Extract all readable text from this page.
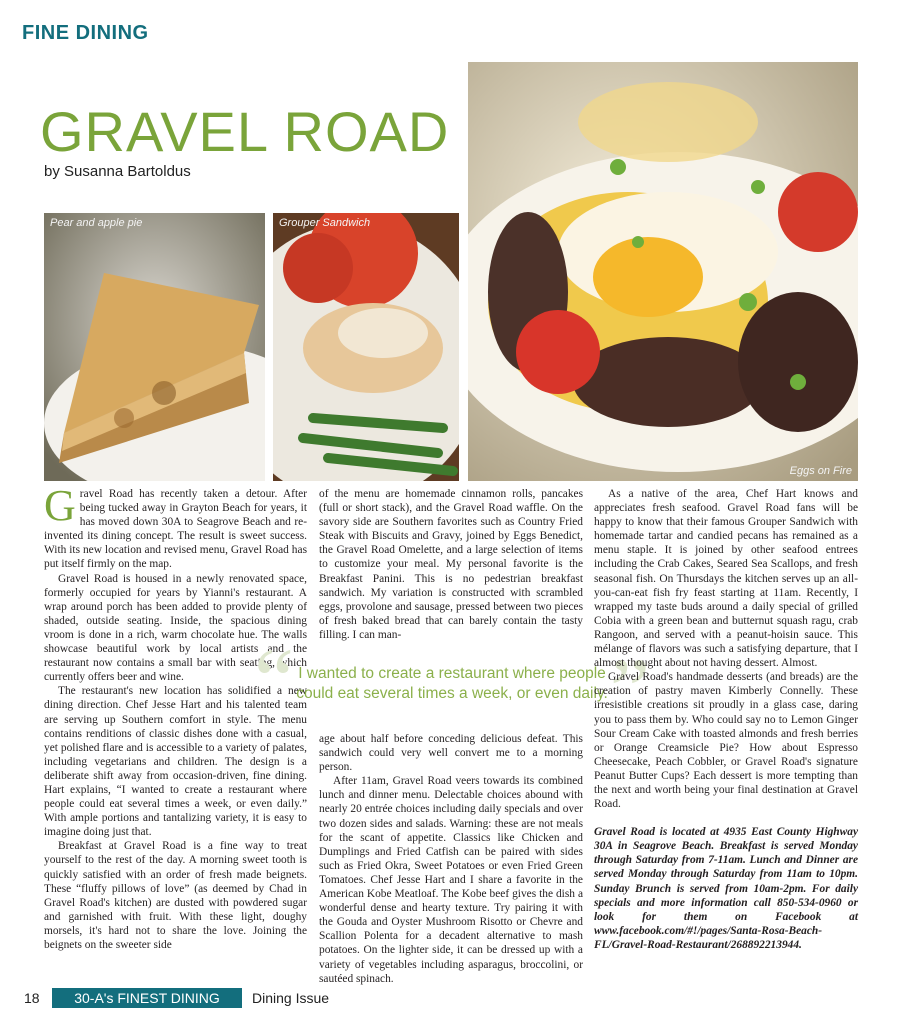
FINE DINING
GRAVEL ROAD
by Susanna Bartoldus
Pear and apple pie	Grouper Sandwich
Eggs on Fire

Gravel Road has recently taken a detour. After being tucked away in Grayton Beach for years, it has moved down 30A to Seagrove Beach and re-invented its dining concept. The result is sweet success. With its new location and revised menu, Gravel Road has put itself firmly on the map.

Gravel Road is housed in a newly renovated space, formerly occupied for years by Yianni's restaurant. A wrap around porch has been added to provide plenty of shaded, outside seating. Inside, the spacious dining vroom is done in a rich, warm chocolate hue. The walls showcase beautiful work by local artists and the restaurant now contains a small bar with seating, which currently offers beer and wine.

The restaurant's new location has solidified a new dining direction. Chef Jesse Hart and his talented team are serving up Southern comfort in style. The menu contains renditions of classic dishes done with a casual, yet polished flare and is accessible to a variety of palates, including vegetarians and children. The design is a deliberate shift away from occasion-driven, fine dining. Hart explains, “I wanted to create a restaurant where people could eat several times a week, or even daily.” With ample portions and tantalizing variety, it is easy to imagine doing just that.

Breakfast at Gravel Road is a fine way to treat yourself to the rest of the day. A morning sweet tooth is quickly satisfied with an order of fresh made beignets. These “fluffy pillows of love” (as deemed by Chad in Gravel Road's kitchen) are dusted with powdered sugar and garnished with fruit. With these light, doughy morsels, it's hard not to share the love. Joining the beignets on the sweeter side

of the menu are homemade cinnamon rolls, pancakes (full or short stack), and the Gravel Road waffle. On the savory side are Southern favorites such as Country Fried Steak with Biscuits and Gravy, joined by Eggs Benedict, the Gravel Road Omelette, and a large selection of items to customize your meal. My personal favorite is the Breakfast Panini. This is no pedestrian breakfast sandwich. My variation is constructed with scrambled eggs, provolone and sausage, pressed between two pieces of fresh baked bread that can barely contain the tasty filling. I can man-

“	”
I wanted to create a restaurant where people could eat several times a week, or even daily.

age about half before conceding delicious defeat. This sandwich could very well convert me to a morning person.

After 11am, Gravel Road veers towards its combined lunch and dinner menu. Delectable choices abound with nearly 20 entrée choices including daily specials and over two dozen sides and salads. Warning: these are not meals for the scant of appetite. Classics like Chicken and Dumplings and Fried Catfish can be paired with sides such as Fried Okra, Sweet Potatoes or even Fried Green Tomatoes. Chef Jesse Hart and I share a favorite in the American Kobe Meatloaf. The Kobe beef gives the dish a wonderful dense and hearty texture. Try pairing it with the Gouda and Oyster Mushroom Risotto or Chevre and Scallion Polenta for a decadent alternative to mash potatoes. On the lighter side, it can be dressed up with a variety of vegetables including asparagus, broccolini, or sautéed spinach.

As a native of the area, Chef Hart knows and appreciates fresh seafood. Gravel Road fans will be happy to know that their famous Grouper Sandwich with homemade tartar and candied pecans has remained as a menu staple. It is joined by other seafood entrees including the Crab Cakes, Seared Sea Scallops, and fresh seasonal fish. On Thursdays the kitchen serves up an all-you-can-eat fish fry feast starting at 11am. Recently, I wrapped my taste buds around a daily special of grilled Cobia with a green bean and butternut squash ragu, crab Rangoon, and served with a peanut-hoisin sauce. This mélange of flavors was such a satisfying departure, that I almost thought about not having dessert. Almost.

Gravel Road's handmade desserts (and breads) are the creation of pastry maven Kimberly Connelly. These irresistible creations sit proudly in a glass case, daring you to pass them by. Who could say no to Lemon Ginger Sour Cream Cake with toasted almonds and fresh berries or Orange Creamsicle Pie? How about Espresso Cheesecake, Peach Cobbler, or Gravel Road's signature Peanut Butter Cups? Each dessert is more tempting than the next and worth being your final destination at Gravel Road.

Gravel Road is located at 4935 East County Highway 30A in Seagrove Beach. Breakfast is served Monday through Saturday from 7-11am. Lunch and Dinner are served Monday through Saturday from 11am to 10pm. Sunday Brunch is served from 10am-2pm. For daily specials and more information call 850-534-0960 or look for them on Facebook at www.facebook.com/#!/pages/Santa-Rosa-Beach-FL/Gravel-Road-Restaurant/268892213944.

18	30-A's FINEST DINING	Dining Issue
